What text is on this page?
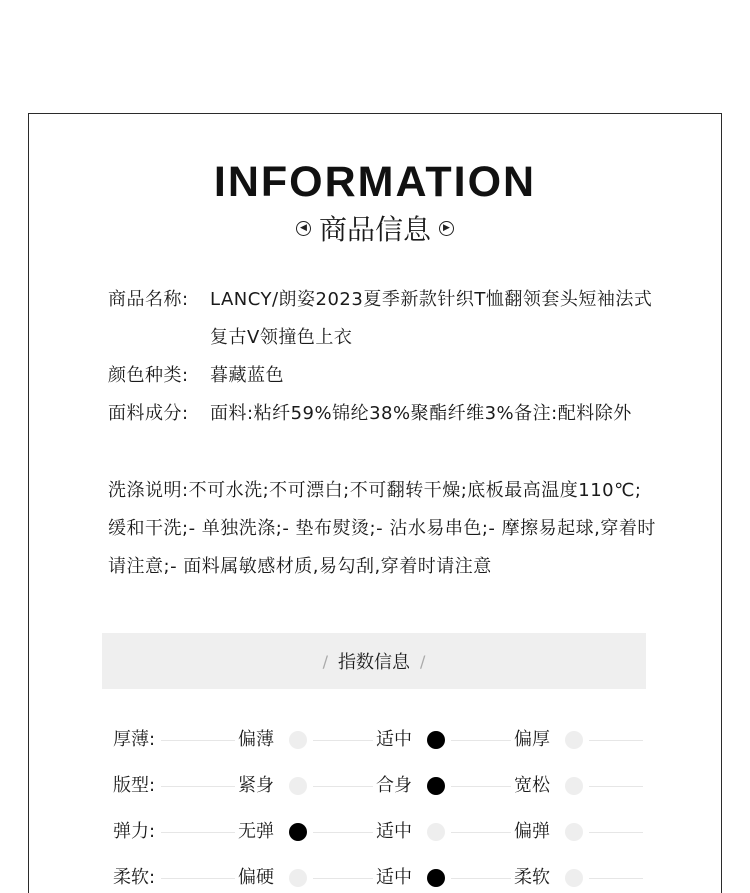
INFORMATION
◀ 商品信息	▶
商品名称:	LANCY/朗姿2023夏季新款针织T恤翻领套头短袖法式复古V领撞色上衣
颜色种类:	暮藏蓝色
面料成分:	面料:粘纤59%锦纶38%聚酯纤维3%备注:配料除外
洗涤说明:不可水洗;不可漂白;不可翻转干燥;底板最高温度110℃;缓和干洗;- 单独洗涤;- 垫布熨烫;- 沾水易串色;- 摩擦易起球,穿着时请注意;- 面料属敏感材质,易勾刮,穿着时请注意
/ 指数信息 /
厚薄:	偏薄	适中	偏厚
版型:	紧身	合身	宽松
弹力:	无弹	适中	偏弹
柔软:	偏硬	适中	柔软
